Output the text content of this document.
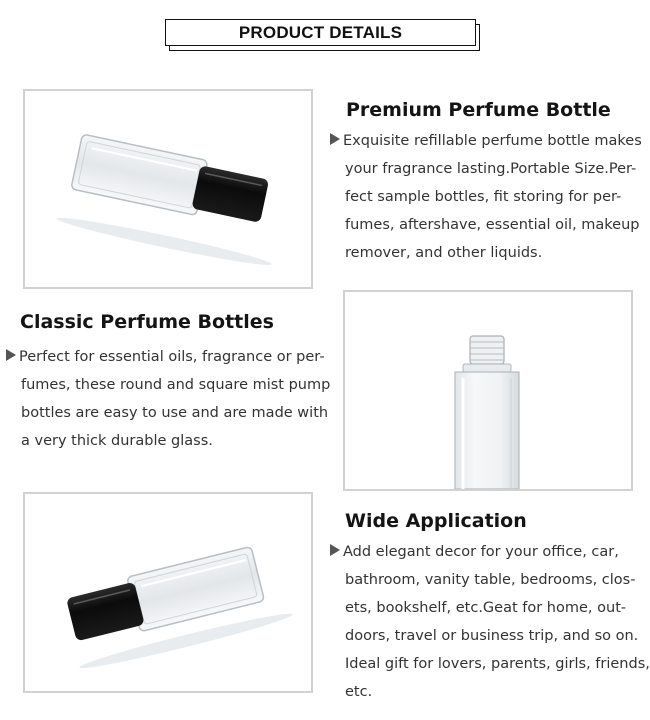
PRODUCT DETAILS
Premium Perfume Bottle
Exquisite refillable perfume bottle makes
your fragrance lasting.Portable Size.Per-
fect sample bottles, fit storing for per-
fumes, aftershave, essential oil, makeup
remover, and other liquids.
Classic Perfume Bottles
Perfect for essential oils, fragrance or per-
fumes, these round and square mist pump
bottles are easy to use and are made with
a very thick durable glass.
Wide Application
Add elegant decor for your office, car,
bathroom, vanity table, bedrooms, clos-
ets, bookshelf, etc.Geat for home, out-
doors, travel or business trip, and so on.
Ideal gift for lovers, parents, girls, friends,
etc.
